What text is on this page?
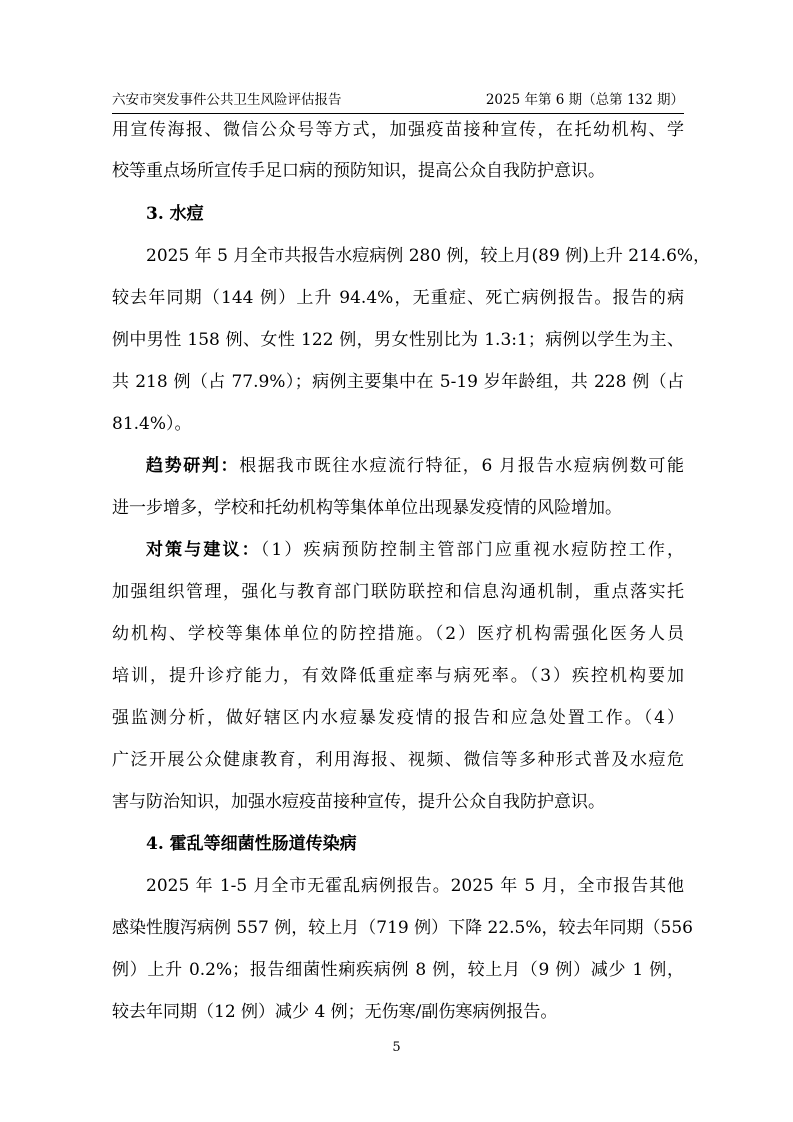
六安市突发事件公共卫生风险评估报告	2025 年第 6 期（总第 132 期）
用宣传海报、微信公众号等方式，加强疫苗接种宣传，在托幼机构、学
校等重点场所宣传手足口病的预防知识，提高公众自我防护意识。
3. 水痘
2025 年 5 月全市共报告水痘病例 280 例，较上月(89 例)上升 214.6%，
较去年同期（144 例）上升 94.4%，无重症、死亡病例报告。报告的病
例中男性 158 例、女性 122 例，男女性别比为 1.3:1；病例以学生为主、
共 218 例（占 77.9%）；病例主要集中在 5-19 岁年龄组，共 228 例（占
81.4%）。
趋势研判：根据我市既往水痘流行特征，6 月报告水痘病例数可能
进一步增多，学校和托幼机构等集体单位出现暴发疫情的风险增加。
对策与建议：（1）疾病预防控制主管部门应重视水痘防控工作，
加强组织管理，强化与教育部门联防联控和信息沟通机制，重点落实托
幼机构、学校等集体单位的防控措施。（2）医疗机构需强化医务人员
培训，提升诊疗能力，有效降低重症率与病死率。（3）疾控机构要加
强监测分析，做好辖区内水痘暴发疫情的报告和应急处置工作。（4）
广泛开展公众健康教育，利用海报、视频、微信等多种形式普及水痘危
害与防治知识，加强水痘疫苗接种宣传，提升公众自我防护意识。
4. 霍乱等细菌性肠道传染病
2025 年 1-5 月全市无霍乱病例报告。2025 年 5 月，全市报告其他
感染性腹泻病例 557 例，较上月（719 例）下降 22.5%，较去年同期（556
例）上升 0.2%；报告细菌性痢疾病例 8 例，较上月（9 例）减少 1 例，
较去年同期（12 例）减少 4 例；无伤寒/副伤寒病例报告。
5
